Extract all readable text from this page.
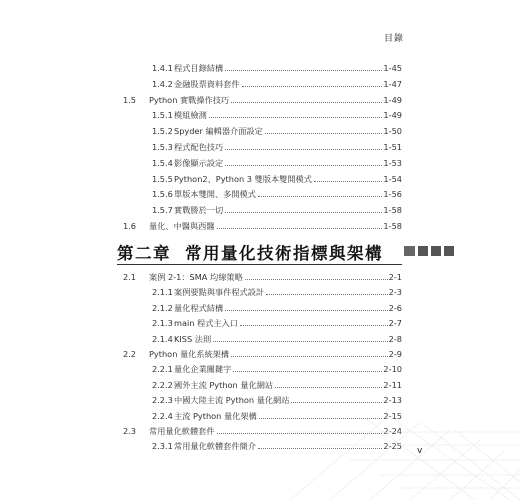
目錄
1.4.1 程式目錄結構	1-45
1.4.2 金融股票資料套件	1-47
1.5	Python 實戰操作技巧	1-49
1.5.1 模組檢測	1-49
1.5.2 Spyder 編輯器介面設定	1-50
1.5.3 程式配色技巧	1-51
1.5.4 影像顯示設定	1-53
1.5.5 Python2、Python 3 雙版本雙開模式	1-54
1.5.6 單版本雙開、多開模式	1-56
1.5.7 實戰勝於一切	1-58
1.6	量化、中醫與西醫	1-58
第二章 常用量化技術指標與架構
2.1	案例 2-1：SMA 均線策略	2-1
2.1.1 案例要點與事件程式設計	2-3
2.1.2 量化程式結構	2-6
2.1.3 main 程式主入口	2-7
2.1.4 KISS 法則	2-8
2.2	Python 量化系統架構	2-9
2.2.1 量化企業關鍵字	2-10
2.2.2 國外主流 Python 量化網站	2-11
2.2.3 中國大陸主流 Python 量化網站	2-13
2.2.4 主流 Python 量化架構	2-15
2.3	常用量化軟體套件	2-24
2.3.1 常用量化軟體套件簡介	2-25 v
